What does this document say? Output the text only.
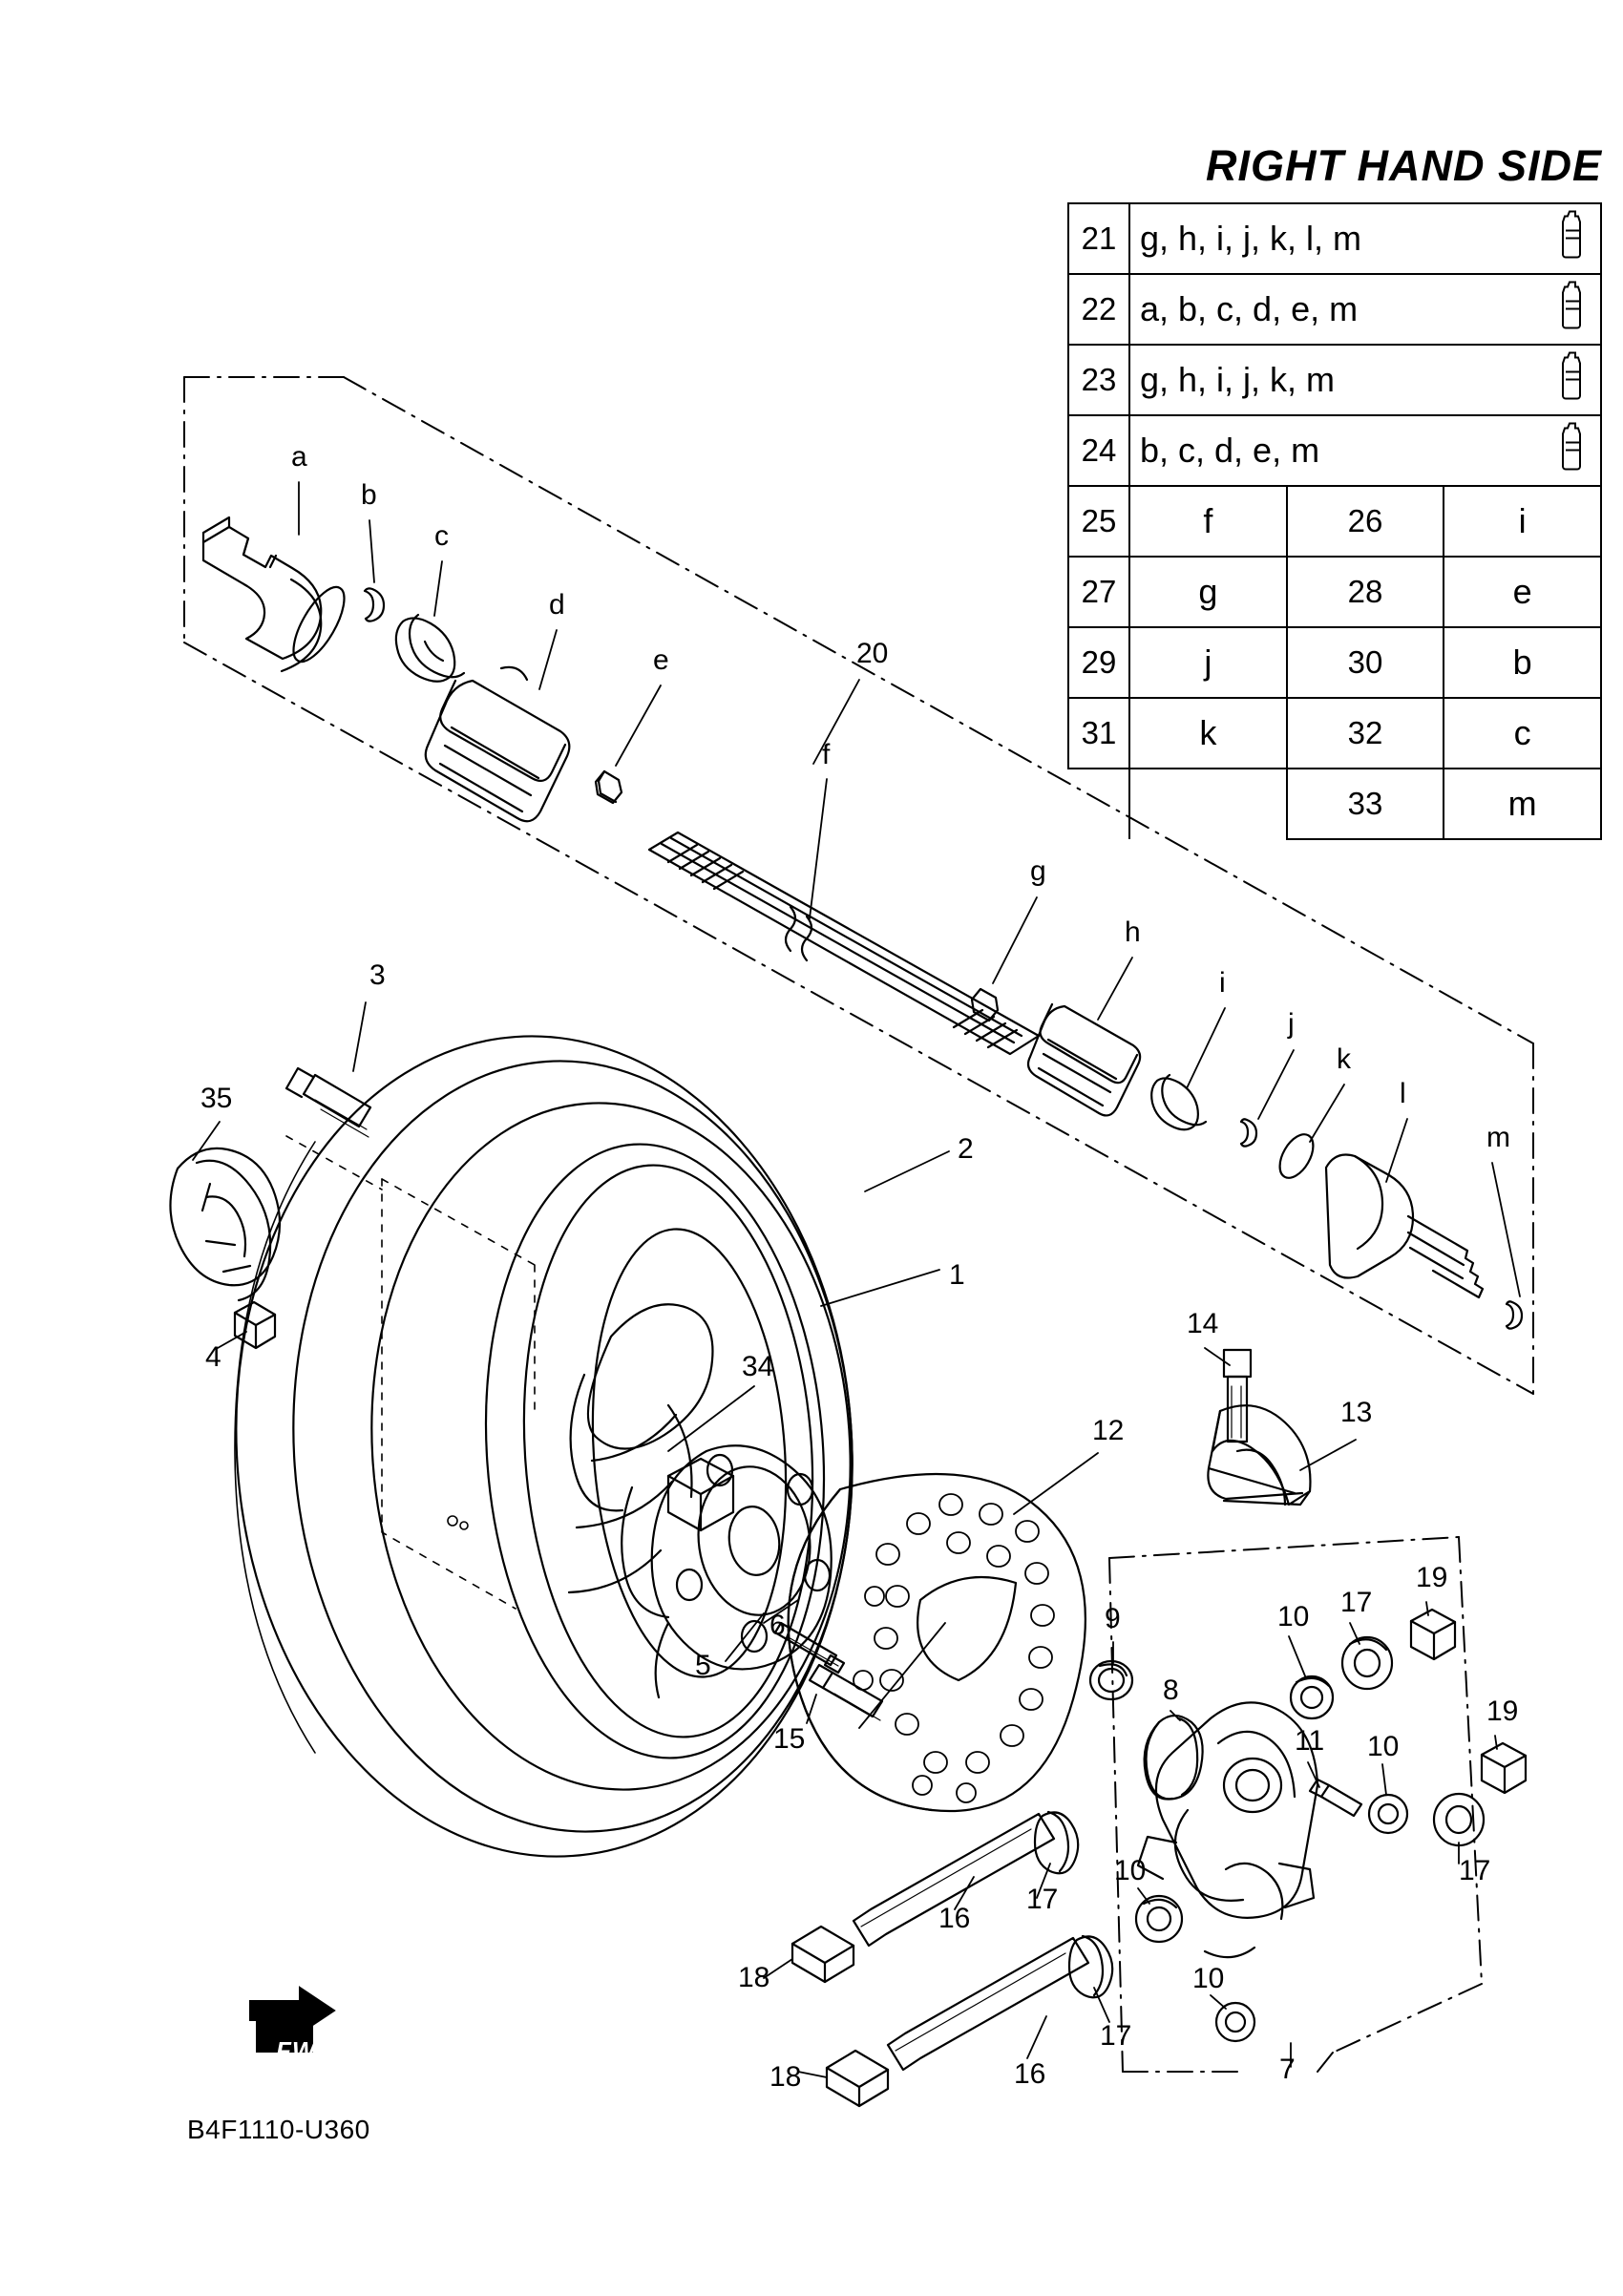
RIGHT HAND SIDE
21	g, h, i, j, k, l, m		

22	a, b, c, d, e, m		

23	g, h, i, j, k, m		

24	b, c, d, e, m		

25	f	26	i
27	g	28	e
29	j	30	b
31	k	32	c
		33	m
a
b
c
d
e
f
g
h
i
j
k
l
m
1
2
3
4
5
6
7
8
9	10
10
10
10
11
12
13
14
15
16
16
17
17
17
17
18
18
19
19
20
34
35
FWD
B4F1110-U360
